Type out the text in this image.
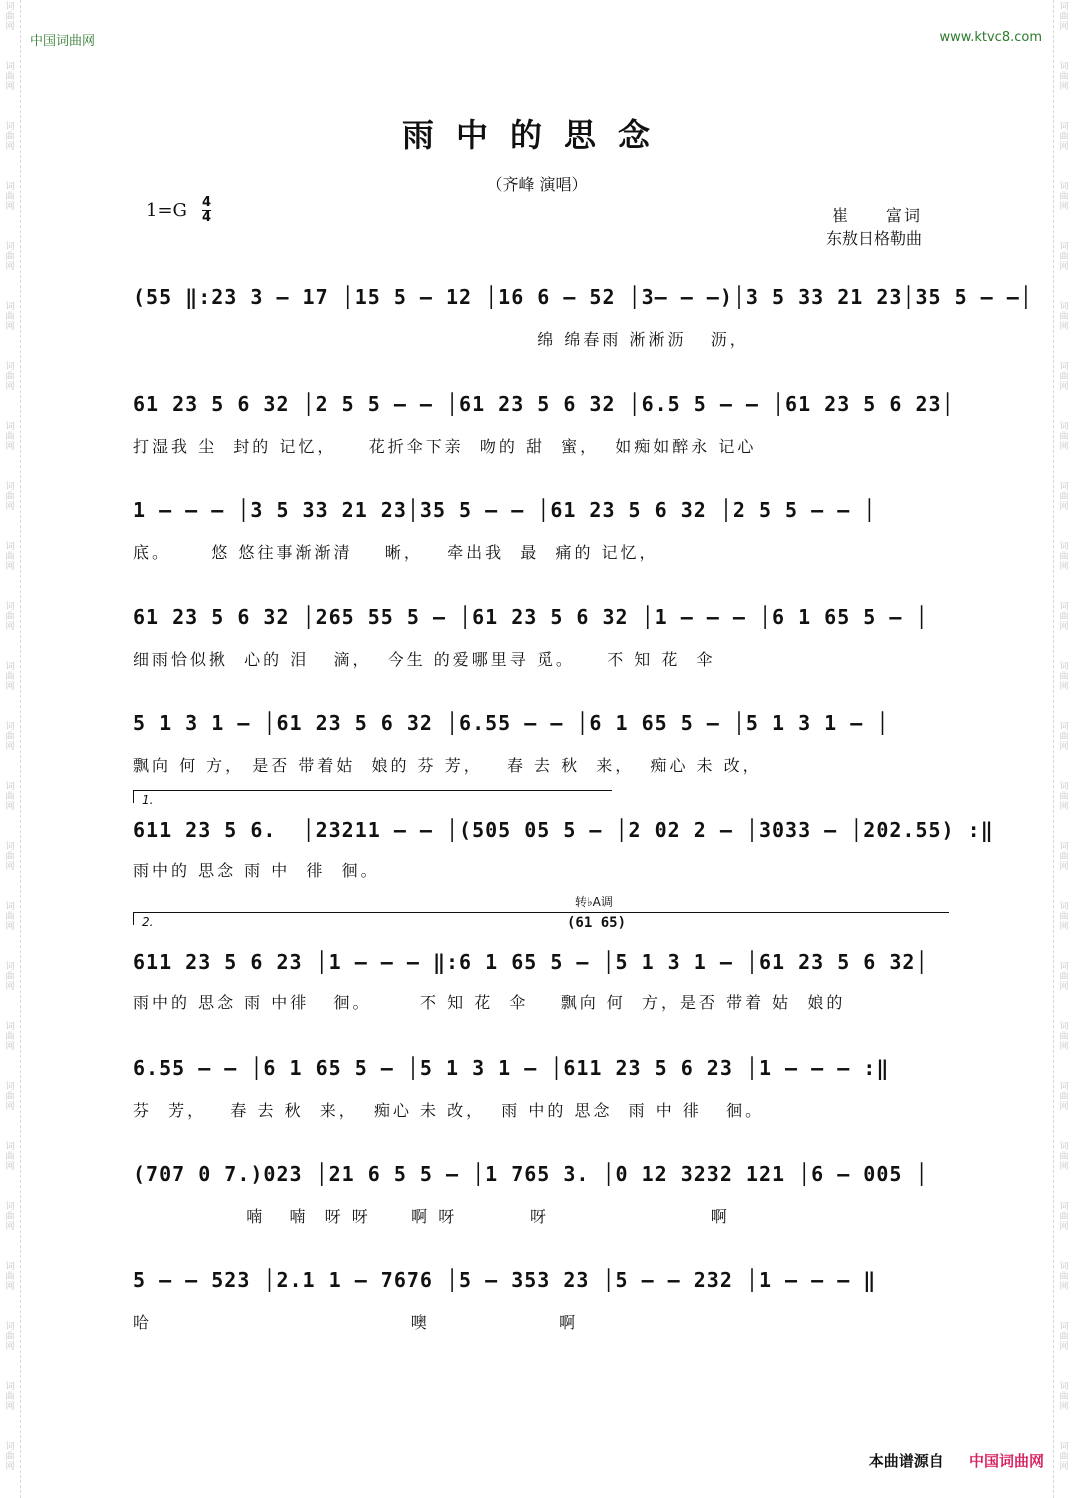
词
曲
网
词
曲
网
词
曲
网
词
曲
网
词
曲
网
词
曲
网
词
曲
网
词
曲
网
词
曲
网
词
曲
网
词
曲
网
词
曲
网
词
曲
网
词
曲
网
词
曲
网
词
曲
网
词
曲
网
词
曲
网
词
曲
网
词
曲
网
词
曲
网
词
曲
网
词
曲
网
词
曲
网
词
曲
网
词
曲
网
词
曲
网
词
曲
网
词
曲
网
词
曲
网
词
曲
网
词
曲
网
词
曲
网
词
曲
网
词
曲
网
词
曲
网
词
曲
网
词
曲
网
词
曲
网
词
曲
网
词
曲
网
词
曲
网
词
曲
网
词
曲
网
词
曲
网
词
曲
网
词
曲
网
词
曲
网
词
曲
网
词
曲
网
中国词曲网	www.ktvc8.com
雨中的思念
（齐峰 演唱）
1=G 4
4	崔　　富词
东敖日格勒曲
(55 ‖:23 3 – 17 │15 5 – 12 │16 6 – 52 │3– – –)│3 5 33 21 23│35 5 – –│
绵 绵春雨 淅淅沥   沥，
61 23 5 6 32 │2 5 5 – – │61 23 5 6 32 │6.5 5 – – │61 23 5 6 23│
打湿我 尘  封的 记忆，    花折伞下亲  吻的 甜  蜜，  如痴如醉永 记心
1 – – – │3 5 33 21 23│35 5 – – │61 23 5 6 32 │2 5 5 – – │
底。     悠 悠往事渐渐清    晰，   牵出我  最  痛的 记忆，
61 23 5 6 32 │265 55 5 – │61 23 5 6 32 │1 – – – │6 1 65 5 – │
细雨恰似揪  心的 泪   滴，  今生 的爱哪里寻 觅。    不 知 花  伞
5 1 3 1 – │61 23 5 6 32 │6.55 – – │6 1 65 5 – │5 1 3 1 – │
飘向 何 方， 是否 带着姑  娘的 芬 芳，   春 去 秋  来，  痴心 未 改，
1.
611 23 5 6.  │23211 – – │(505 05 5 – │2 02 2 – │3033 – │202.55) :‖
雨中的 思念 雨 中  徘  徊。
转♭A调
(61 65)
2.
611 23 5 6 23 │1 – – – ‖:6 1 65 5 – │5 1 3 1 – │61 23 5 6 32│
雨中的 思念 雨 中徘   徊。      不 知 花  伞    飘向 何  方，是否 带着 姑  娘的
6.55 – – │6 1 65 5 – │5 1 3 1 – │611 23 5 6 23 │1 – – – :‖
芬  芳，   春 去 秋  来，  痴心 未 改，  雨 中的 思念  雨 中 徘   徊。
(707 0 7.)023 │21 6 5 5 – │1 765 3. │0 12 3232 121 │6 – 005 │
喃   喃  呀 呀     啊 呀         呀                    啊
5 – – 523 │2.1 1 – 7676 │5 – 353 23 │5 – – 232 │1 – – – ‖
哈                                噢                啊
本曲谱源自 中国词曲网
